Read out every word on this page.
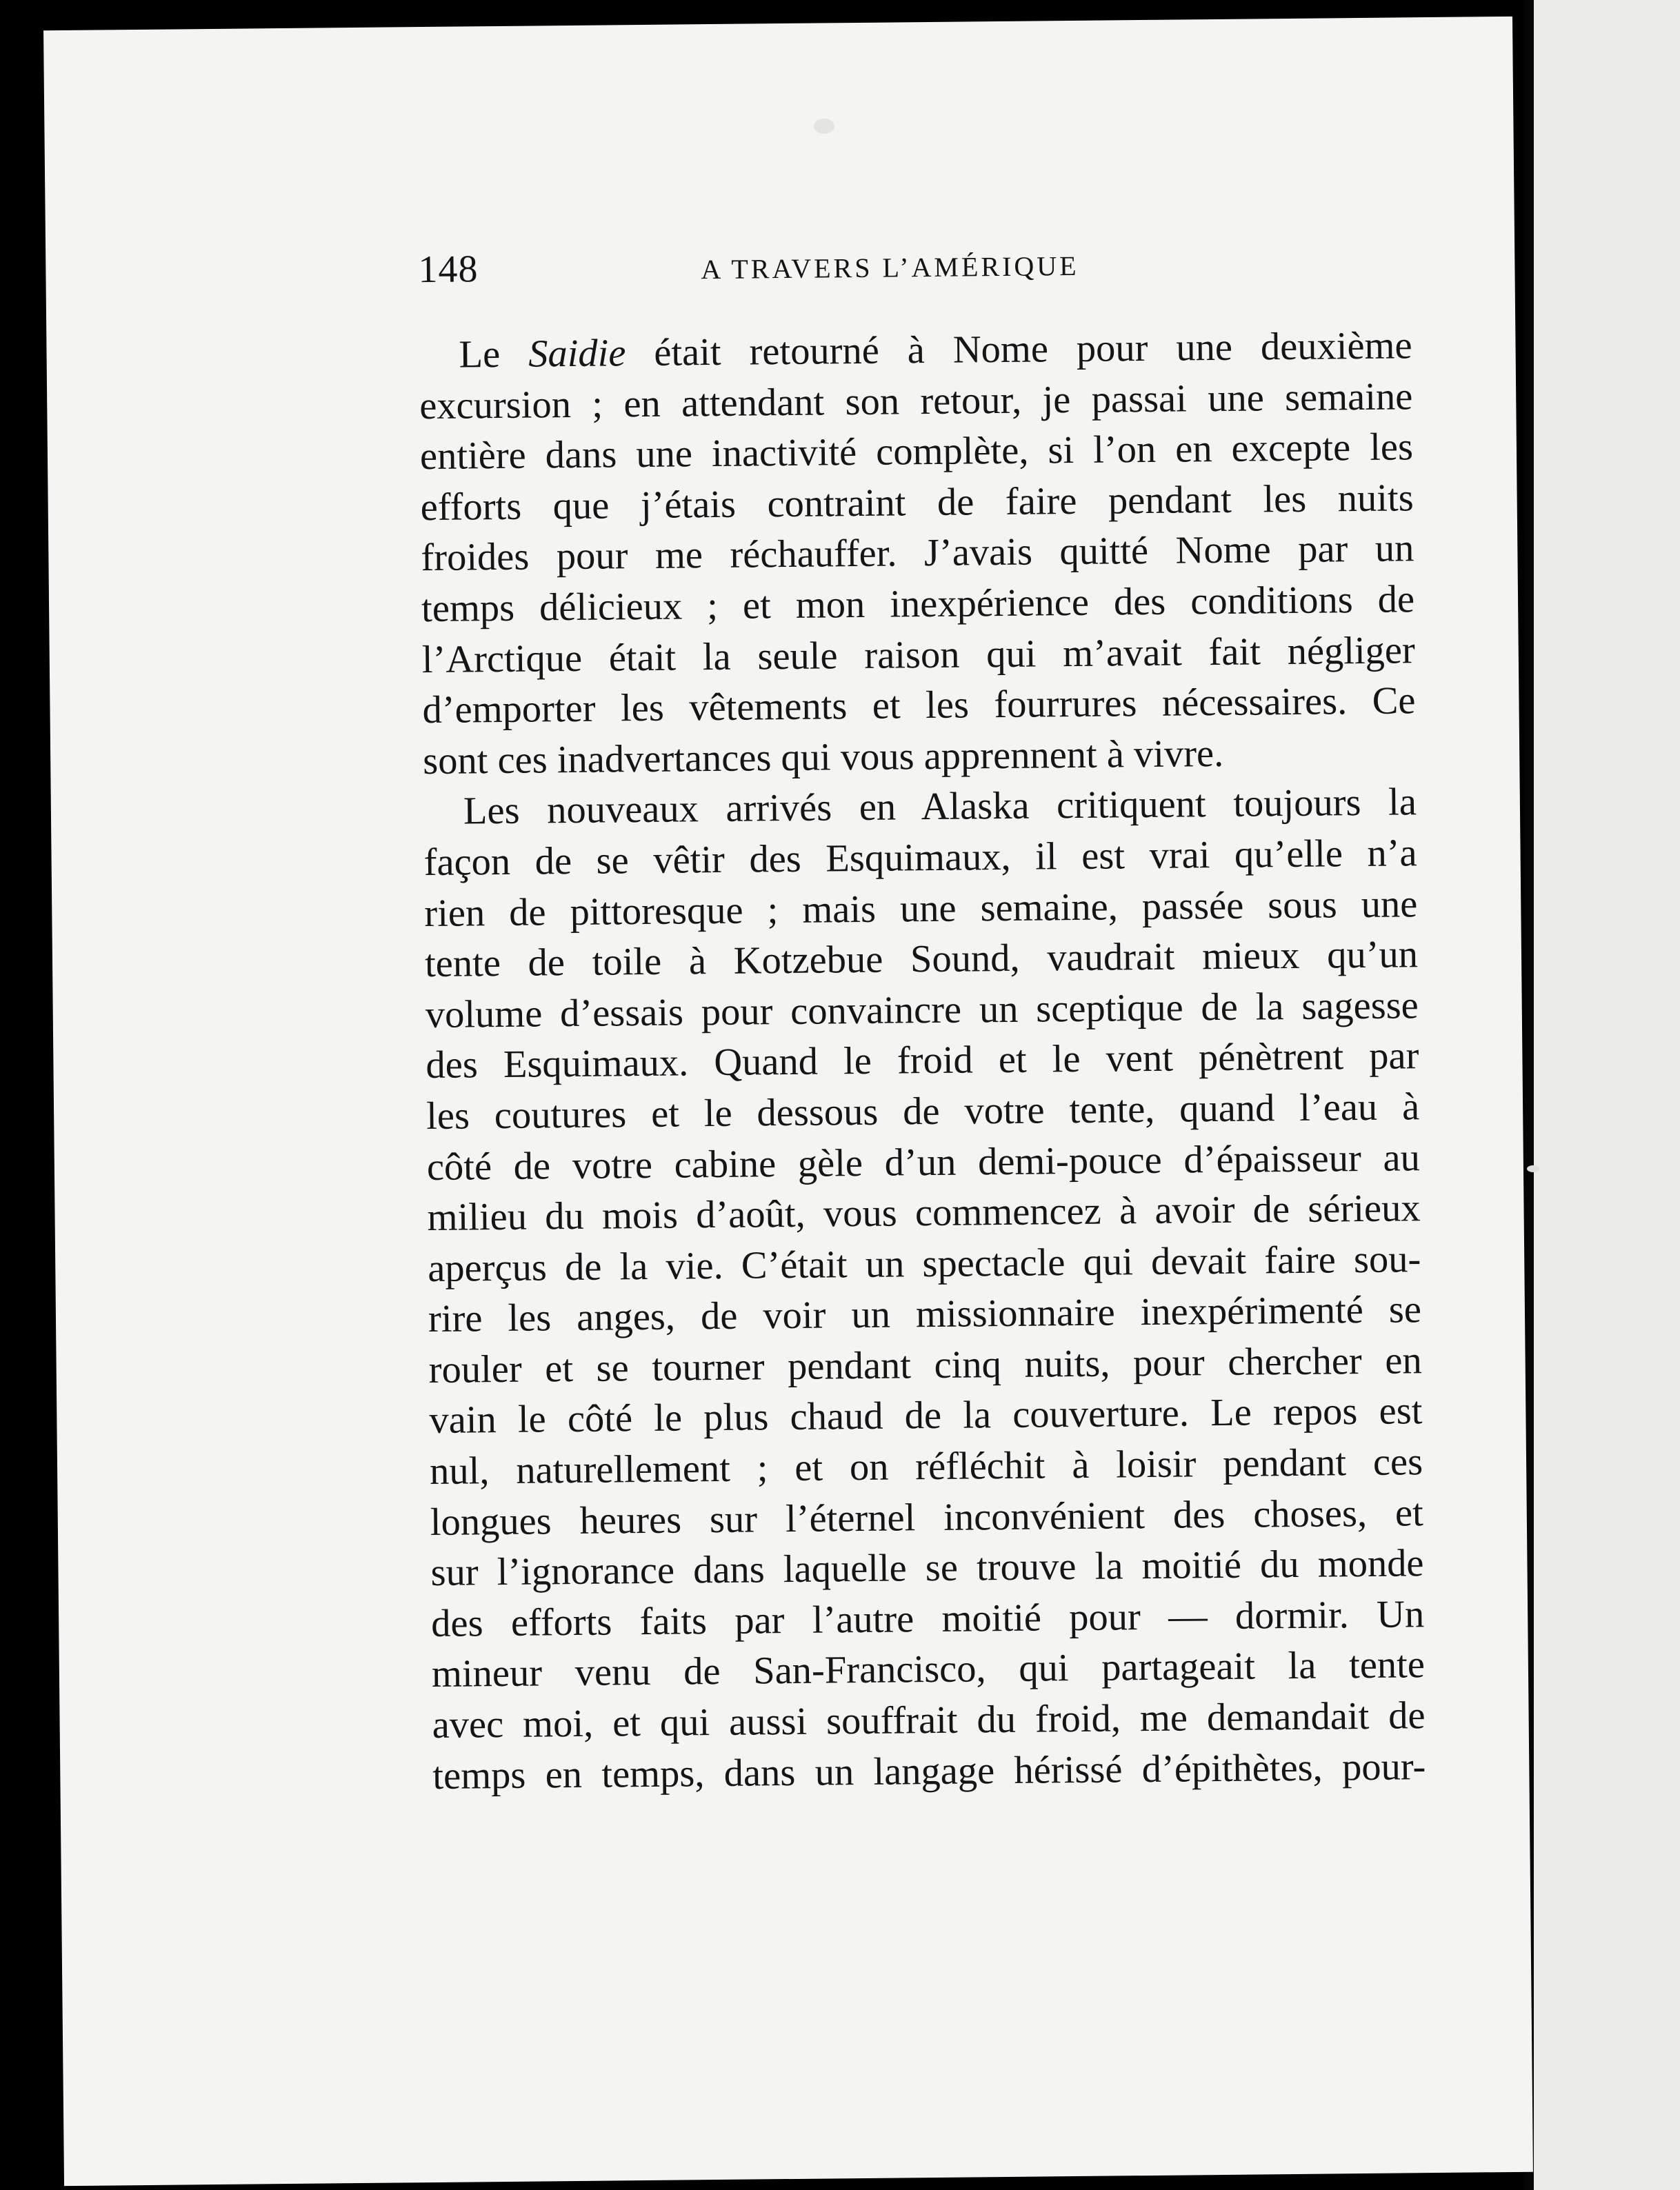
148	A TRAVERS L’AMÉRIQUE
Le Saidie était retourné à Nome pour une deuxième
excursion ; en attendant son retour, je passai une semaine
entière dans une inactivité complète, si l’on en excepte les
efforts que j’étais contraint de faire pendant les nuits
froides pour me réchauffer. J’avais quitté Nome par un
temps délicieux ; et mon inexpérience des conditions de
l’Arctique était la seule raison qui m’avait fait négliger
d’emporter les vêtements et les fourrures nécessaires. Ce
sont ces inadvertances qui vous apprennent à vivre.
Les nouveaux arrivés en Alaska critiquent toujours la
façon de se vêtir des Esquimaux, il est vrai qu’elle n’a
rien de pittoresque ; mais une semaine, passée sous une
tente de toile à Kotzebue Sound, vaudrait mieux qu’un
volume d’essais pour convaincre un sceptique de la sagesse
des Esquimaux. Quand le froid et le vent pénètrent par
les coutures et le dessous de votre tente, quand l’eau à
côté de votre cabine gèle d’un demi-pouce d’épaisseur au
milieu du mois d’août, vous commencez à avoir de sérieux
aperçus de la vie. C’était un spectacle qui devait faire sou-
rire les anges, de voir un missionnaire inexpérimenté se
rouler et se tourner pendant cinq nuits, pour chercher en
vain le côté le plus chaud de la couverture. Le repos est
nul, naturellement ; et on réfléchit à loisir pendant ces
longues heures sur l’éternel inconvénient des choses, et
sur l’ignorance dans laquelle se trouve la moitié du monde
des efforts faits par l’autre moitié pour — dormir. Un
mineur venu de San-Francisco, qui partageait la tente
avec moi, et qui aussi souffrait du froid, me demandait de
temps en temps, dans un langage hérissé d’épithètes, pour-
